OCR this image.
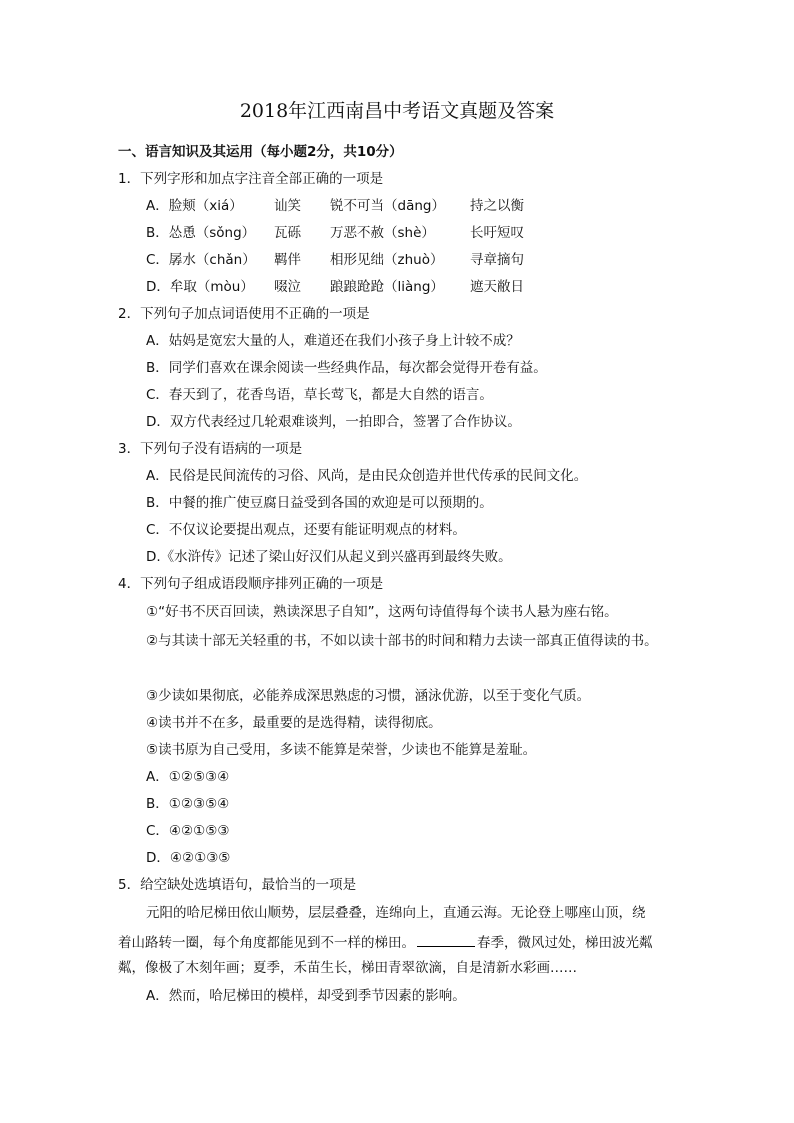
2018年江西南昌中考语文真题及答案
一、语言知识及其运用（每小题2分，共10分）
1．下列字形和加点字注音全部正确的一项是
A．脸颊（xiá） 讪笑 锐不可当（dāng） 持之以衡
B．怂恿（sǒng） 瓦砾 万恶不赦（shè）	长吁短叹
C．孱水（chǎn） 羁伴 相形见绌（zhuò） 寻章摘句
D．牟取（mòu） 啜泣 踉踉跄跄（liàng） 遮天敝日
2．下列句子加点词语使用不正确的一项是
A．姑妈是宽宏大量的人，难道还在我们小孩子身上计较不成？
B．同学们喜欢在课余阅读一些经典作品，每次都会觉得开卷有益。
C．春天到了，花香鸟语，草长莺飞，都是大自然的语言。
D．双方代表经过几轮艰难谈判，一拍即合，签署了合作协议。
3．下列句子没有语病的一项是
A．民俗是民间流传的习俗、风尚，是由民众创造并世代传承的民间文化。
B．中餐的推广使豆腐日益受到各国的欢迎是可以预期的。
C．不仅议论要提出观点，还要有能证明观点的材料。
D.《水浒传》记述了梁山好汉们从起义到兴盛再到最终失败。
4．下列句子组成语段顺序排列正确的一项是
①“好书不厌百回读，熟读深思子自知”，这两句诗值得每个读书人悬为座右铭。
②与其读十部无关轻重的书，不如以读十部书的时间和精力去读一部真正值得读的书。
③少读如果彻底，必能养成深思熟虑的习惯，涵泳优游，以至于变化气质。
④读书并不在多，最重要的是选得精，读得彻底。
⑤读书原为自己受用，多读不能算是荣誉，少读也不能算是羞耻。
A．①②⑤③④
B．①②③⑤④
C．④②①⑤③
D．④②①③⑤
5．给空缺处选填语句，最恰当的一项是
元阳的哈尼梯田依山顺势，层层叠叠，连绵向上，直通云海。无论登上哪座山顶，绕
着山路转一圈，每个角度都能见到不一样的梯田。	春季，微风过处，梯田波光粼
粼，像极了木刻年画；夏季，禾苗生长，梯田青翠欲滴，自是清新水彩画……
A．然而，哈尼梯田的模样，却受到季节因素的影响。
